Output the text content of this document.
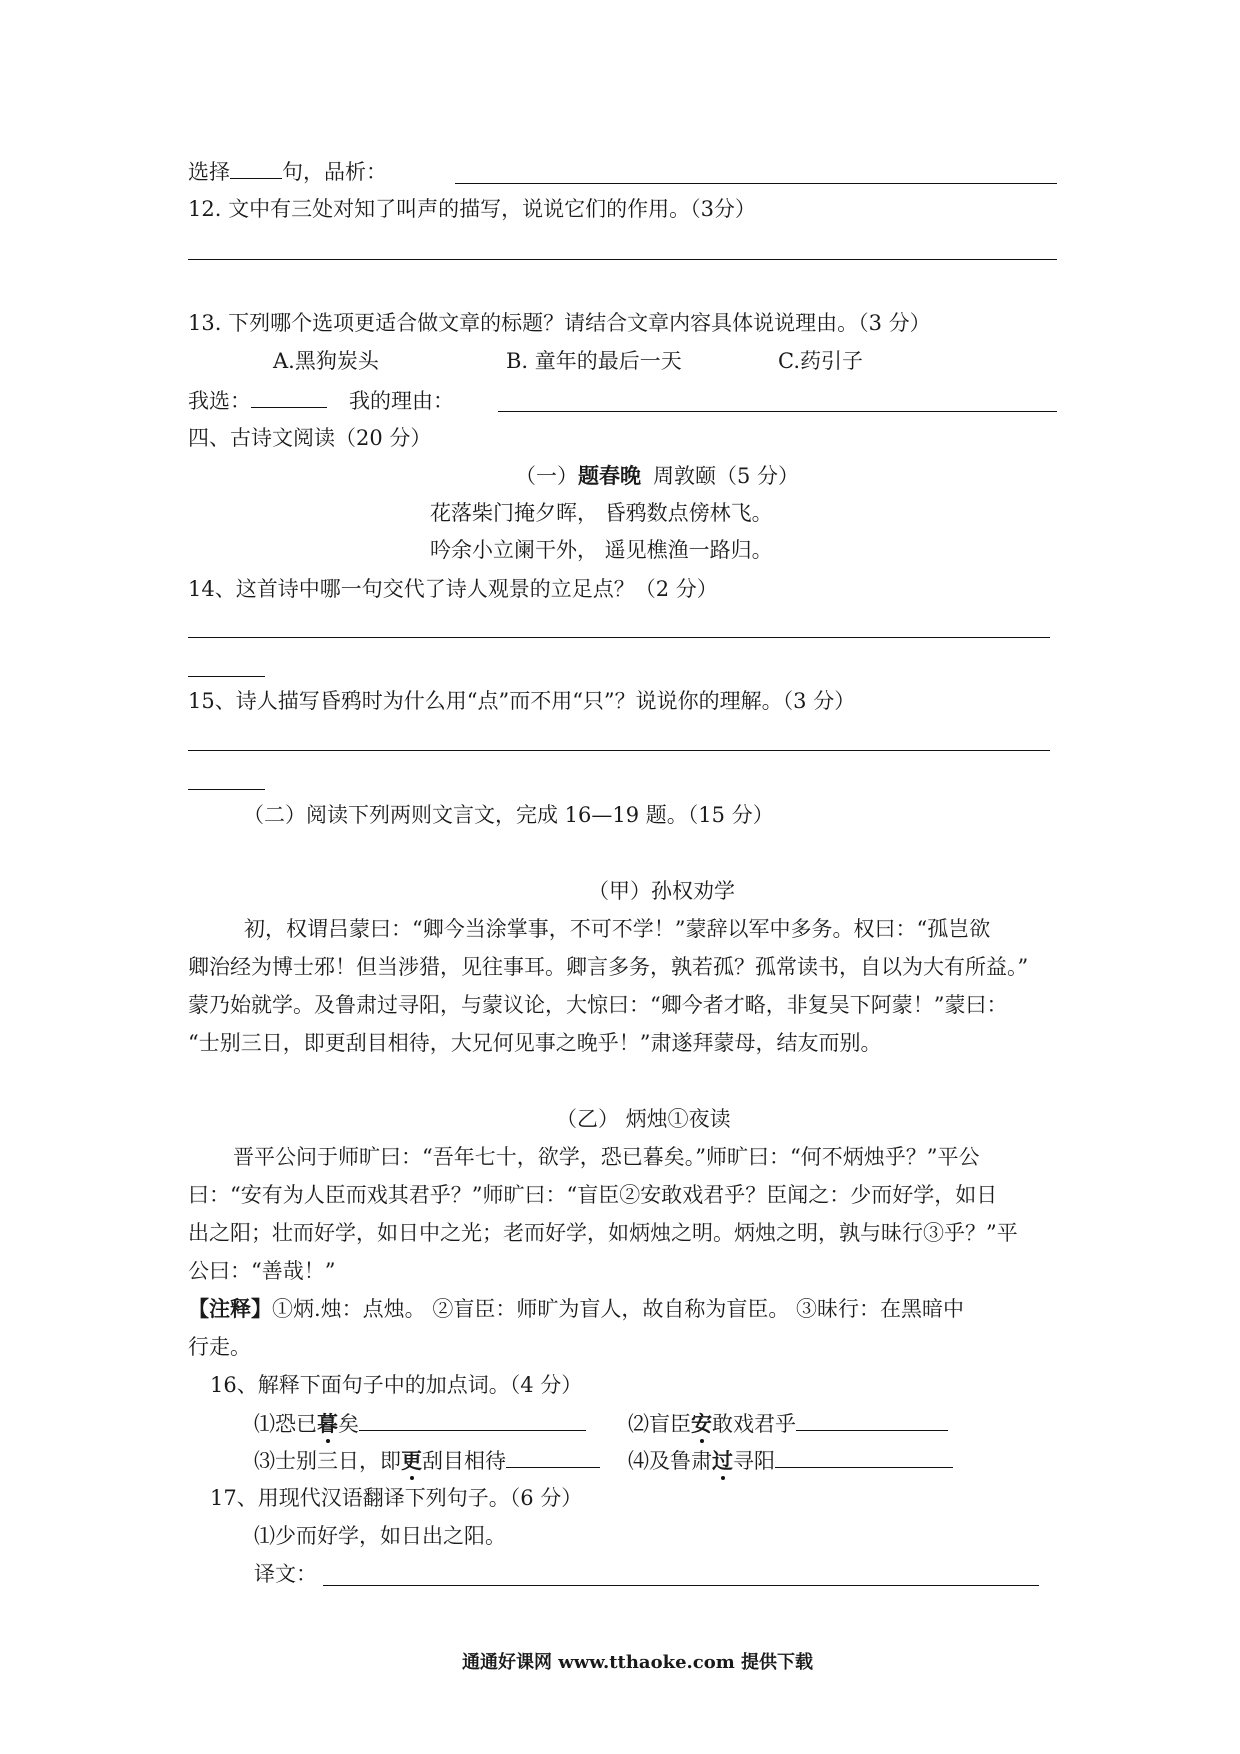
选择 句，品析：
12. 文中有三处对知了叫声的描写，说说它们的作用。（3分）
13. 下列哪个选项更适合做文章的标题？请结合文章内容具体说说理由。（3 分）
A.黑狗炭头	B. 童年的最后一天	C.药引子
我选：	我的理由：
四、古诗文阅读（20 分）
（一）题春晚 周敦颐（5 分）
花落柴门掩夕晖， 昏鸦数点傍林飞。
吟余小立阑干外， 遥见樵渔一路归。
14、这首诗中哪一句交代了诗人观景的立足点？（2 分）
15、诗人描写昏鸦时为什么用“点”而不用“只”？说说你的理解。（3 分）
（二）阅读下列两则文言文，完成 16—19 题。（15 分）
（甲）孙权劝学
初，权谓吕蒙曰：“卿今当涂掌事，不可不学！”蒙辞以军中多务。权曰：“孤岂欲
卿治经为博士邪！但当涉猎，见往事耳。卿言多务，孰若孤？孤常读书，自以为大有所益。”
蒙乃始就学。及鲁肃过寻阳，与蒙议论，大惊曰：“卿今者才略，非复吴下阿蒙！”蒙曰：
“士别三日，即更刮目相待，大兄何见事之晚乎！”肃遂拜蒙母，结友而别。
（乙） 炳烛①夜读
晋平公问于师旷曰：“吾年七十，欲学，恐已暮矣。”师旷曰：“何不炳烛乎？”平公
曰：“安有为人臣而戏其君乎？”师旷曰：“盲臣②安敢戏君乎？臣闻之：少而好学，如日
出之阳；壮而好学，如日中之光；老而好学，如炳烛之明。炳烛之明，孰与昧行③乎？”平
公曰：“善哉！”
【注释】①炳.烛：点烛。 ②盲臣：师旷为盲人，故自称为盲臣。 ③昧行：在黑暗中
行走。
16、解释下面句子中的加点词。（4 分）
⑴恐已暮矣	⑵盲臣安敢戏君乎
⑶士别三日，即更刮目相待	⑷及鲁肃过寻阳
17、用现代汉语翻译下列句子。（6 分）
⑴少而好学，如日出之阳。
译文：
通通好课网 www.tthaoke.com 提供下载
